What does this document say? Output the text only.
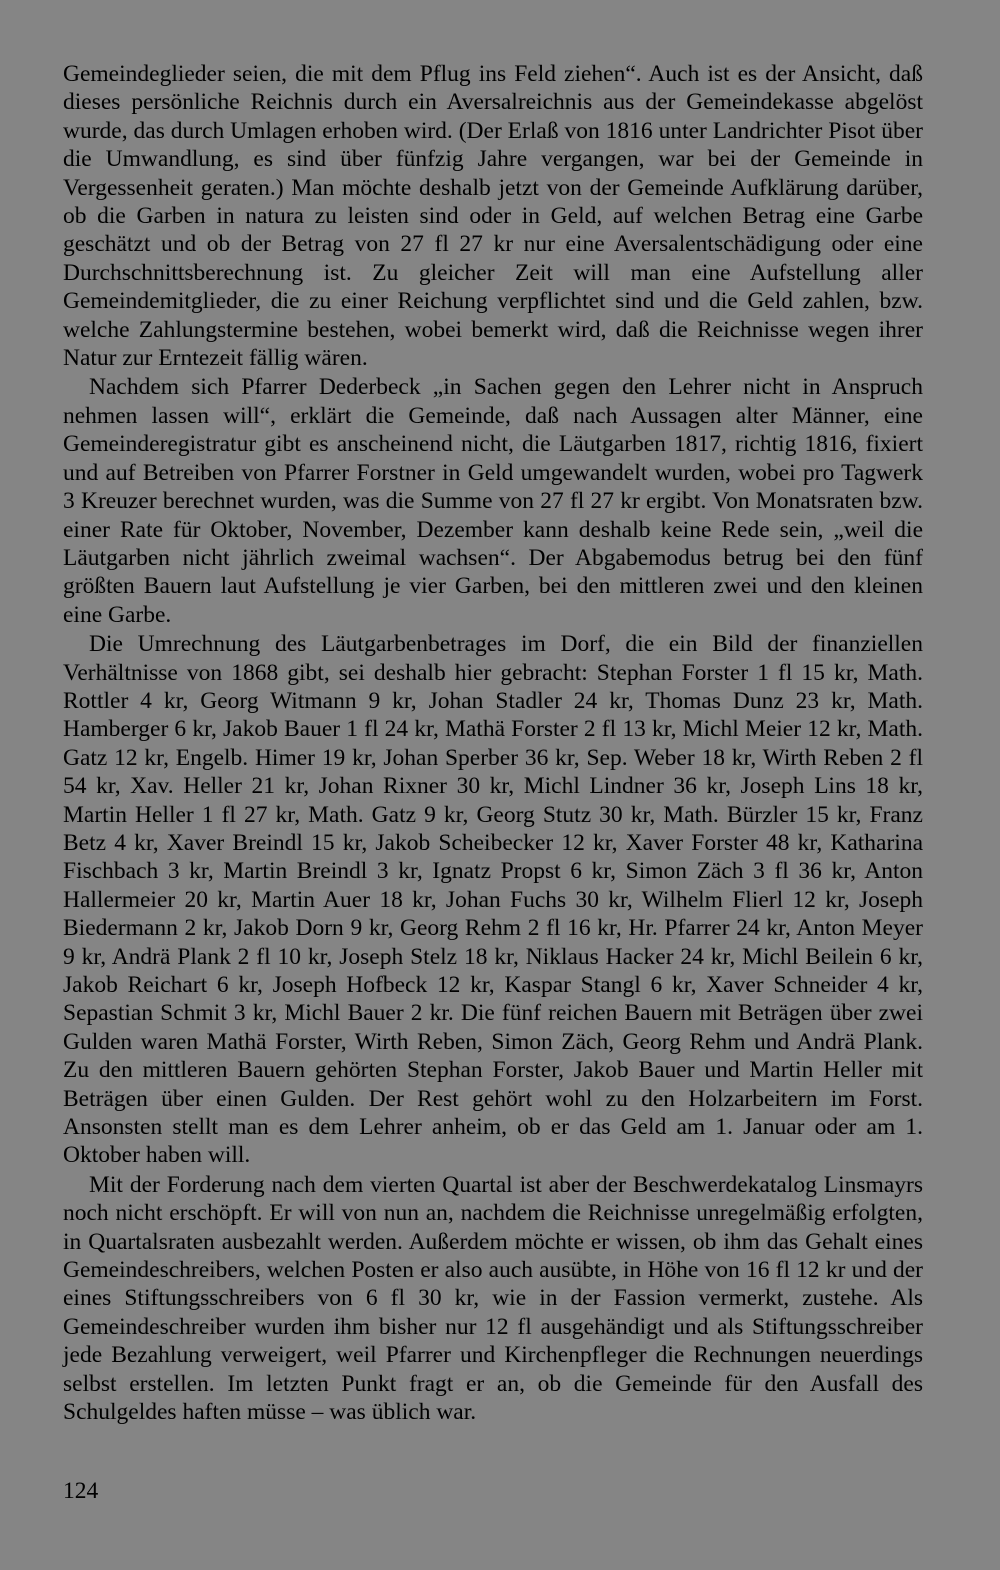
Gemeindeglieder seien, die mit dem Pflug ins Feld ziehen“. Auch ist es der Ansicht, daß dieses persönliche Reichnis durch ein Aversalreichnis aus der Gemeindekasse abgelöst wurde, das durch Umlagen erhoben wird. (Der Erlaß von 1816 unter Landrichter Pisot über die Umwandlung, es sind über fünfzig Jahre vergangen, war bei der Gemeinde in Vergessenheit geraten.) Man möchte deshalb jetzt von der Gemeinde Aufklärung darüber, ob die Garben in natura zu leisten sind oder in Geld, auf welchen Betrag eine Garbe geschätzt und ob der Betrag von 27 fl 27 kr nur eine Aversalentschädigung oder eine Durchschnittsberechnung ist. Zu gleicher Zeit will man eine Aufstellung aller Gemeindemitglieder, die zu einer Reichung verpflichtet sind und die Geld zahlen, bzw. welche Zahlungstermine bestehen, wobei bemerkt wird, daß die Reichnisse wegen ihrer Natur zur Erntezeit fällig wären.

Nachdem sich Pfarrer Dederbeck „in Sachen gegen den Lehrer nicht in Anspruch nehmen lassen will“, erklärt die Gemeinde, daß nach Aussagen alter Männer, eine Gemeinderegistratur gibt es anscheinend nicht, die Läutgarben 1817, richtig 1816, fixiert und auf Betreiben von Pfarrer Forstner in Geld umgewandelt wurden, wobei pro Tagwerk 3 Kreuzer berechnet wurden, was die Summe von 27 fl 27 kr ergibt. Von Monatsraten bzw. einer Rate für Oktober, November, Dezember kann deshalb keine Rede sein, „weil die Läutgarben nicht jährlich zweimal wachsen“. Der Abgabemodus betrug bei den fünf größten Bauern laut Aufstellung je vier Garben, bei den mittleren zwei und den kleinen eine Garbe.

Die Umrechnung des Läutgarbenbetrages im Dorf, die ein Bild der finanziellen Verhältnisse von 1868 gibt, sei deshalb hier gebracht: Stephan Forster 1 fl 15 kr, Math. Rottler 4 kr, Georg Witmann 9 kr, Johan Stadler 24 kr, Thomas Dunz 23 kr, Math. Hamberger 6 kr, Jakob Bauer 1 fl 24 kr, Mathä Forster 2 fl 13 kr, Michl Meier 12 kr, Math. Gatz 12 kr, Engelb. Himer 19 kr, Johan Sperber 36 kr, Sep. Weber 18 kr, Wirth Reben 2 fl 54 kr, Xav. Heller 21 kr, Johan Rixner 30 kr, Michl Lindner 36 kr, Joseph Lins 18 kr, Martin Heller 1 fl 27 kr, Math. Gatz 9 kr, Georg Stutz 30 kr, Math. Bürzler 15 kr, Franz Betz 4 kr, Xaver Breindl 15 kr, Jakob Scheibecker 12 kr, Xaver Forster 48 kr, Katharina Fischbach 3 kr, Martin Breindl 3 kr, Ignatz Propst 6 kr, Simon Zäch 3 fl 36 kr, Anton Hallermeier 20 kr, Martin Auer 18 kr, Johan Fuchs 30 kr, Wilhelm Flierl 12 kr, Joseph Biedermann 2 kr, Jakob Dorn 9 kr, Georg Rehm 2 fl 16 kr, Hr. Pfarrer 24 kr, Anton Meyer 9 kr, Andrä Plank 2 fl 10 kr, Joseph Stelz 18 kr, Niklaus Hacker 24 kr, Michl Beilein 6 kr, Jakob Reichart 6 kr, Joseph Hofbeck 12 kr, Kaspar Stangl 6 kr, Xaver Schneider 4 kr, Sepastian Schmit 3 kr, Michl Bauer 2 kr. Die fünf reichen Bauern mit Beträgen über zwei Gulden waren Mathä Forster, Wirth Reben, Simon Zäch, Georg Rehm und Andrä Plank. Zu den mittleren Bauern gehörten Stephan Forster, Jakob Bauer und Martin Heller mit Beträgen über einen Gulden. Der Rest gehört wohl zu den Holzarbeitern im Forst. Ansonsten stellt man es dem Lehrer anheim, ob er das Geld am 1. Januar oder am 1. Oktober haben will.

Mit der Forderung nach dem vierten Quartal ist aber der Beschwerdekatalog Linsmayrs noch nicht erschöpft. Er will von nun an, nachdem die Reichnisse unregelmäßig erfolgten, in Quartalsraten ausbezahlt werden. Außerdem möchte er wissen, ob ihm das Gehalt eines Gemeindeschreibers, welchen Posten er also auch ausübte, in Höhe von 16 fl 12 kr und der eines Stiftungsschreibers von 6 fl 30 kr, wie in der Fassion vermerkt, zustehe. Als Gemeindeschreiber wurden ihm bisher nur 12 fl ausgehändigt und als Stiftungsschreiber jede Bezahlung verweigert, weil Pfarrer und Kirchenpfleger die Rechnungen neuerdings selbst erstellen. Im letzten Punkt fragt er an, ob die Gemeinde für den Ausfall des Schulgeldes haften müsse – was üblich war.

124
